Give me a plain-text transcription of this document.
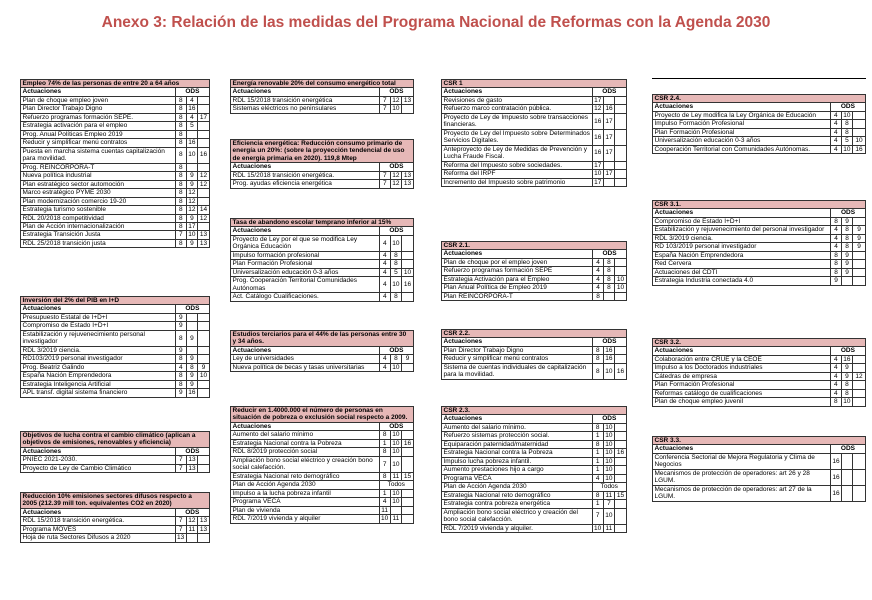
Anexo 3: Relación de las medidas del Programa Nacional de Reformas con la Agenda 2030
Empleo 74% de las personas de entre 20 a 64 años			
Actuaciones	ODS		
Plan de choque empleo joven	8	4	
Plan Director Trabajo Digno	8	16	
Refuerzo programas formación SEPE.	8	4	17
Estrategia activación para el empleo	8	5	
Prog. Anual Políticas Empleo 2019	8		
Reducir y simplificar menú contratos	8	16	
Puesta en marcha sistema cuentas capitalización para movilidad.	8	10	16
Prog. REINCORPORA-T	8		
Nueva política industrial	8	9	12
Plan estratégico sector automoción	8	9	12
Marco estratégico PYME 2030	8	12	
Plan modernización comercio 19-20	8	12	
Estrategia turismo sostenible	8	12	14
RDL 20/2018 competitividad	8	9	12
Plan de Acción internacionalización	8	17	
Estrategia Transición Justa	7	10	13
RDL 25/2018 transición justa	8	9	13
Inversión del 2% del PIB en I+D			
Actuaciones	ODS		
Presupuesto Estatal de I+D+I	9		
Compromiso de Estado I+D+I	9		
Estabilización y rejuvenecimiento personal investigador	8	9	
RDL 3/2019 ciencia.	9		
RD103/2019 personal investigador	8	9	
Prog. Beatriz Galindo	4	8	9
España Nación Emprendedora	8	9	10
Estrategia Inteligencia Artificial	8	9	
APL transf. digital sistema financiero	9	16	
Objetivos de lucha contra el cambio climático (aplican a objetivos de emisiones, renovables y eficiencia)			
Actuaciones	ODS		
PNIEC 2021-2030.	7	13	
Proyecto de Ley de Cambio Climático	7	13	
Reducción 10% emisiones sectores difusos respecto a 2005 (212.39 mill ton. equivalentes CO2 en 2020)			
Actuaciones	ODS		
RDL 15/2018 transición energética.	7	12	13
Programa MOVES	7	11	13
Hoja de ruta Sectores Difusos a 2020	13		
Energía renovable 20% del consumo energético total			
Actuaciones	ODS		
RDL 15/2018 transición energética	7	12	13
Sistemas eléctricos no peninsulares	7	10	
Eficiencia energética: Reducción consumo primario de energía un 20%: (sobre la proyección tendencial de uso de energía primaria en 2020). 119,8 Mtep			
Actuaciones	ODS		
RDL 15/2018 transición energética.	7	12	13
Prog. ayudas eficiencia energética	7	12	13
Tasa de abandono escolar temprano inferior al 15%			
Actuaciones	ODS		
Proyecto de Ley por el que se modifica Ley Orgánica Educación	4	10	
Impulso formación profesional	4	8	
Plan Formación Profesional	4	8	
Universalización educación 0-3 años	4	5	10
Prog. Cooperación Territorial Comunidades Autónomas	4	10	16
Act. Catálogo Cualificaciones.	4	8	
Estudios terciarios para el 44% de las personas entre 30 y 34 años.			
Actuaciones	ODS		
Ley de universidades	4	8	9
Nueva política de becas y tasas universitarias	4	10	
Reducir en 1.4000.000 el número de personas en situación de pobreza o exclusión social respecto a 2009.			
Actuaciones	ODS		
Aumento del salario mínimo	8	10	
Estrategia Nacional contra la Pobreza	1	10	16
RDL 8/2019 protección social	8	10	
Ampliación bono social eléctrico y creación bono social calefacción.	7	10	
Estrategia Nacional reto demográfico	8	11	15
Plan de Acción Agenda 2030	Todos		
Impulso a la lucha pobreza infantil	1	10	
Programa VECA	4	10	
Plan de vivienda	11		
RDL 7/2019 vivienda y alquiler	10	11	
CSR 1			
Actuaciones	ODS		
Revisiones de gasto	17		
Refuerzo marco contratación pública.	12	16	
Proyecto de Ley de Impuesto sobre transacciones financieras.	16	17	
Proyecto de Ley del Impuesto sobre Determinados Servicios Digitales.	16	17	
Anteproyecto de Ley de Medidas de Prevención y Lucha Fraude Fiscal.	16	17	
Reforma del Impuesto sobre sociedades.	17		
Reforma del IRPF	10	17	
Incremento del Impuesto sobre patrimonio	17		
CSR 2.1.			
Actuaciones	ODS		
Plan de choque por el empleo joven	4	8	
Refuerzo programas formación SEPE	4	8	
Estrategia Activación para el Empleo	4	8	10
Plan Anual Política de Empleo 2019	4	8	10
Plan REINCORPORA-T	8		
CSR 2.2.			
Actuaciones	ODS		
Plan Director Trabajo Digno	8	16	
Reducir y simplificar menú contratos	8	16	
Sistema de cuentas individuales de capitalización para la movilidad.	8	10	16
CSR 2.3.			
Actuaciones	ODS		
Aumento del salario mínimo.	8	10	
Refuerzo sistemas protección social.	1	10	
Equiparación paternidad/maternidad	8	10	
Estrategia Nacional contra la Pobreza	1	10	16
Impulso lucha pobreza infantil.	1	10	
Aumento prestaciones hijo a cargo	1	10	
Programa VECA	4	10	
Plan de Acción Agenda 2030	Todos		
Estrategia Nacional reto demográfico	8	11	15
Estrategia contra pobreza energética	1	7	
Ampliación bono social eléctrico y creación del bono social calefacción.	7	10	
RDL 7/2019 vivienda y alquiler.	10	11	
CSR 2.4.			
Actuaciones	ODS		
Proyecto de Ley modifica la Ley Orgánica de Educación	4	10	
Impulso Formación Profesional	4	8	
Plan Formación Profesional	4	8	
Universalización educación 0-3 años	4	5	10
Cooperación Territorial con Comunidades Autónomas.	4	10	16
CSR 3.1.			
Actuaciones	ODS		
Compromiso de Estado I+D+I	8	9	
Estabilización y rejuvenecimiento del personal investigador	4	8	9
RDL 3/2019 ciencia.	4	8	9
RD 103/2019 personal investigador	4	8	9
España Nación Emprendedora	8	9	
Red Cervera	8	9	
Actuaciones del CDTI	8	9	
Estrategia Industria conectada 4.0	9		
CSR 3.2.			
Actuaciones	ODS		
Colaboración entre CRUE y la CEOE	4	16	
Impulso a los Doctorados industriales	4	9	
Cátedras de empresa	4	9	12
Plan Formación Profesional	4	8	
Reformas catálogo de cualificaciones	4	8	
Plan de choque empleo juvenil	8	10	
CSR 3.3.			
Actuaciones	ODS		
Conferencia Sectorial de Mejora Regulatoria y Clima de Negocios	16		
Mecanismos de protección de operadores: art 26 y 28 LGUM.	16		
Mecanismos de protección de operadores: art 27 de la LGUM.	16		
